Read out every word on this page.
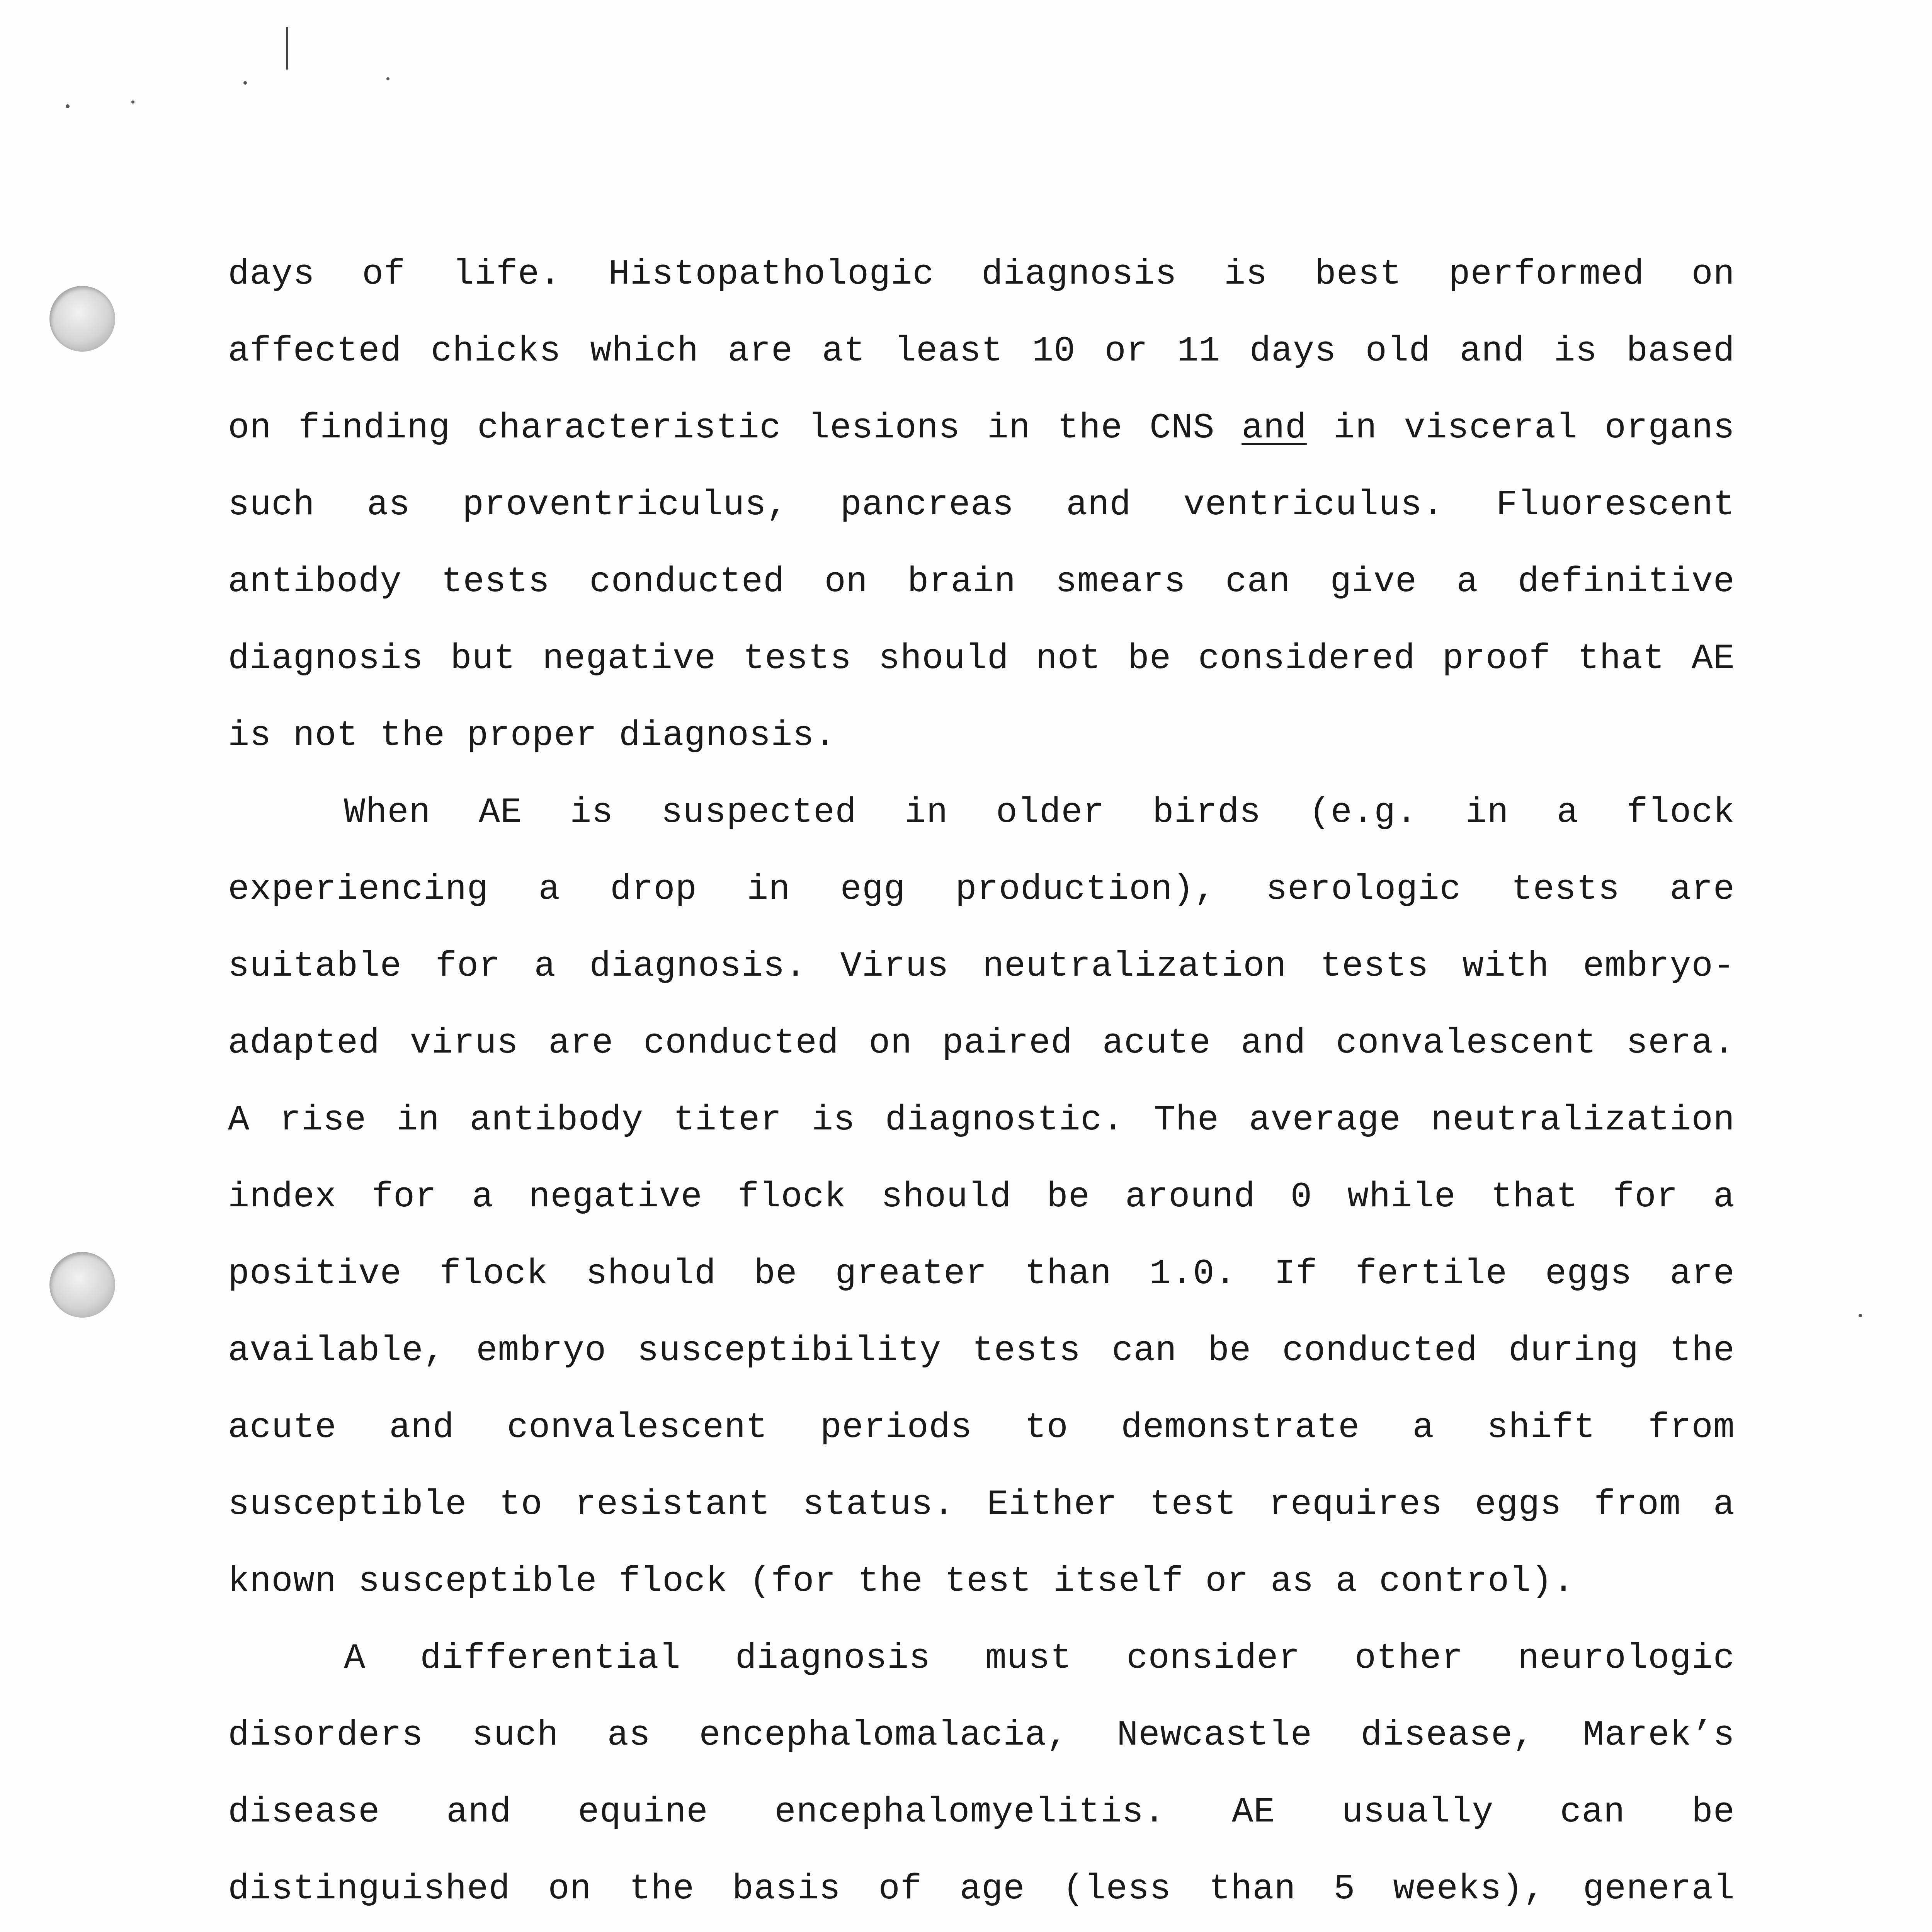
days of life. Histopathologic diagnosis is best performed on
affected chicks which are at least 10 or 11 days old and is based
on finding characteristic lesions in the CNS and in visceral organs
such as proventriculus, pancreas and ventriculus. Fluorescent
antibody tests conducted on brain smears can give a definitive
diagnosis but negative tests should not be considered proof that AE
is not the proper diagnosis.
When AE is suspected in older birds (e.g. in a flock
experiencing a drop in egg production), serologic tests are
suitable for a diagnosis. Virus neutralization tests with embryo-
adapted virus are conducted on paired acute and convalescent sera.
A rise in antibody titer is diagnostic. The average neutralization
index for a negative flock should be around 0 while that for a
positive flock should be greater than 1.0. If fertile eggs are
available, embryo susceptibility tests can be conducted during the
acute and convalescent periods to demonstrate a shift from
susceptible to resistant status. Either test requires eggs from a
known susceptible flock (for the test itself or as a control).
A differential diagnosis must consider other neurologic
disorders such as encephalomalacia, Newcastle disease, Marek’s
disease and equine encephalomyelitis. AE usually can be
distinguished on the basis of age (less than 5 weeks), general
